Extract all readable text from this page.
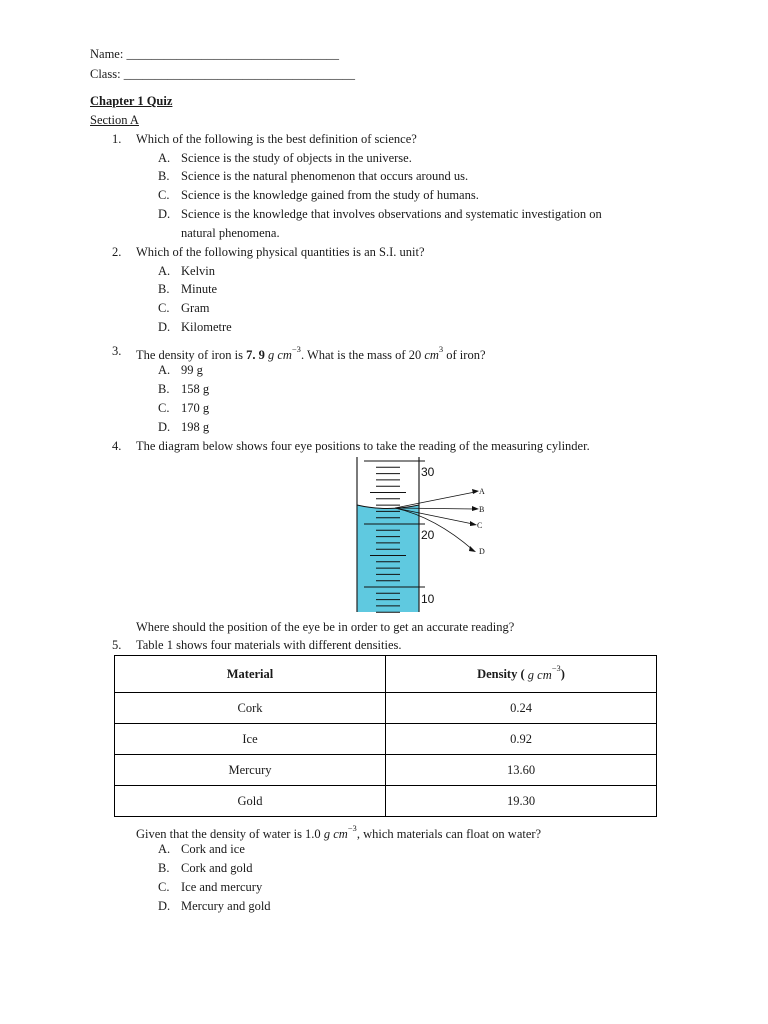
Name: __________________________________
Class: _____________________________________
Chapter 1 Quiz
Section A
1. Which of the following is the best definition of science?
A. Science is the study of objects in the universe.
B. Science is the natural phenomenon that occurs around us.
C. Science is the knowledge gained from the study of humans.
D. Science is the knowledge that involves observations and systematic investigation on
natural phenomena.
2. Which of the following physical quantities is an S.I. unit?
A. Kelvin
B. Minute
C. Gram
D. Kilometre
3. The density of iron is 7. 9 g $cm^{-3}$. What is the mass of 20 $cm^3$ of iron?
A. 99 g
B. 158 g
C. 170 g
D. 198 g
4. The diagram below shows four eye positions to take the reading of the measuring cylinder.
30
20
10
A
B
C
D
Where should the position of the eye be in order to get an accurate reading?
5. Table 1 shows four materials with different densities.
Material	Density ( g $cm^{-3}$)
Cork	0.24
Ice	0.92
Mercury	13.60
Gold	19.30
Given that the density of water is 1.0 g $cm^{-3}$, which materials can float on water?
A. Cork and ice
B. Cork and gold
C. Ice and mercury
D. Mercury and gold
